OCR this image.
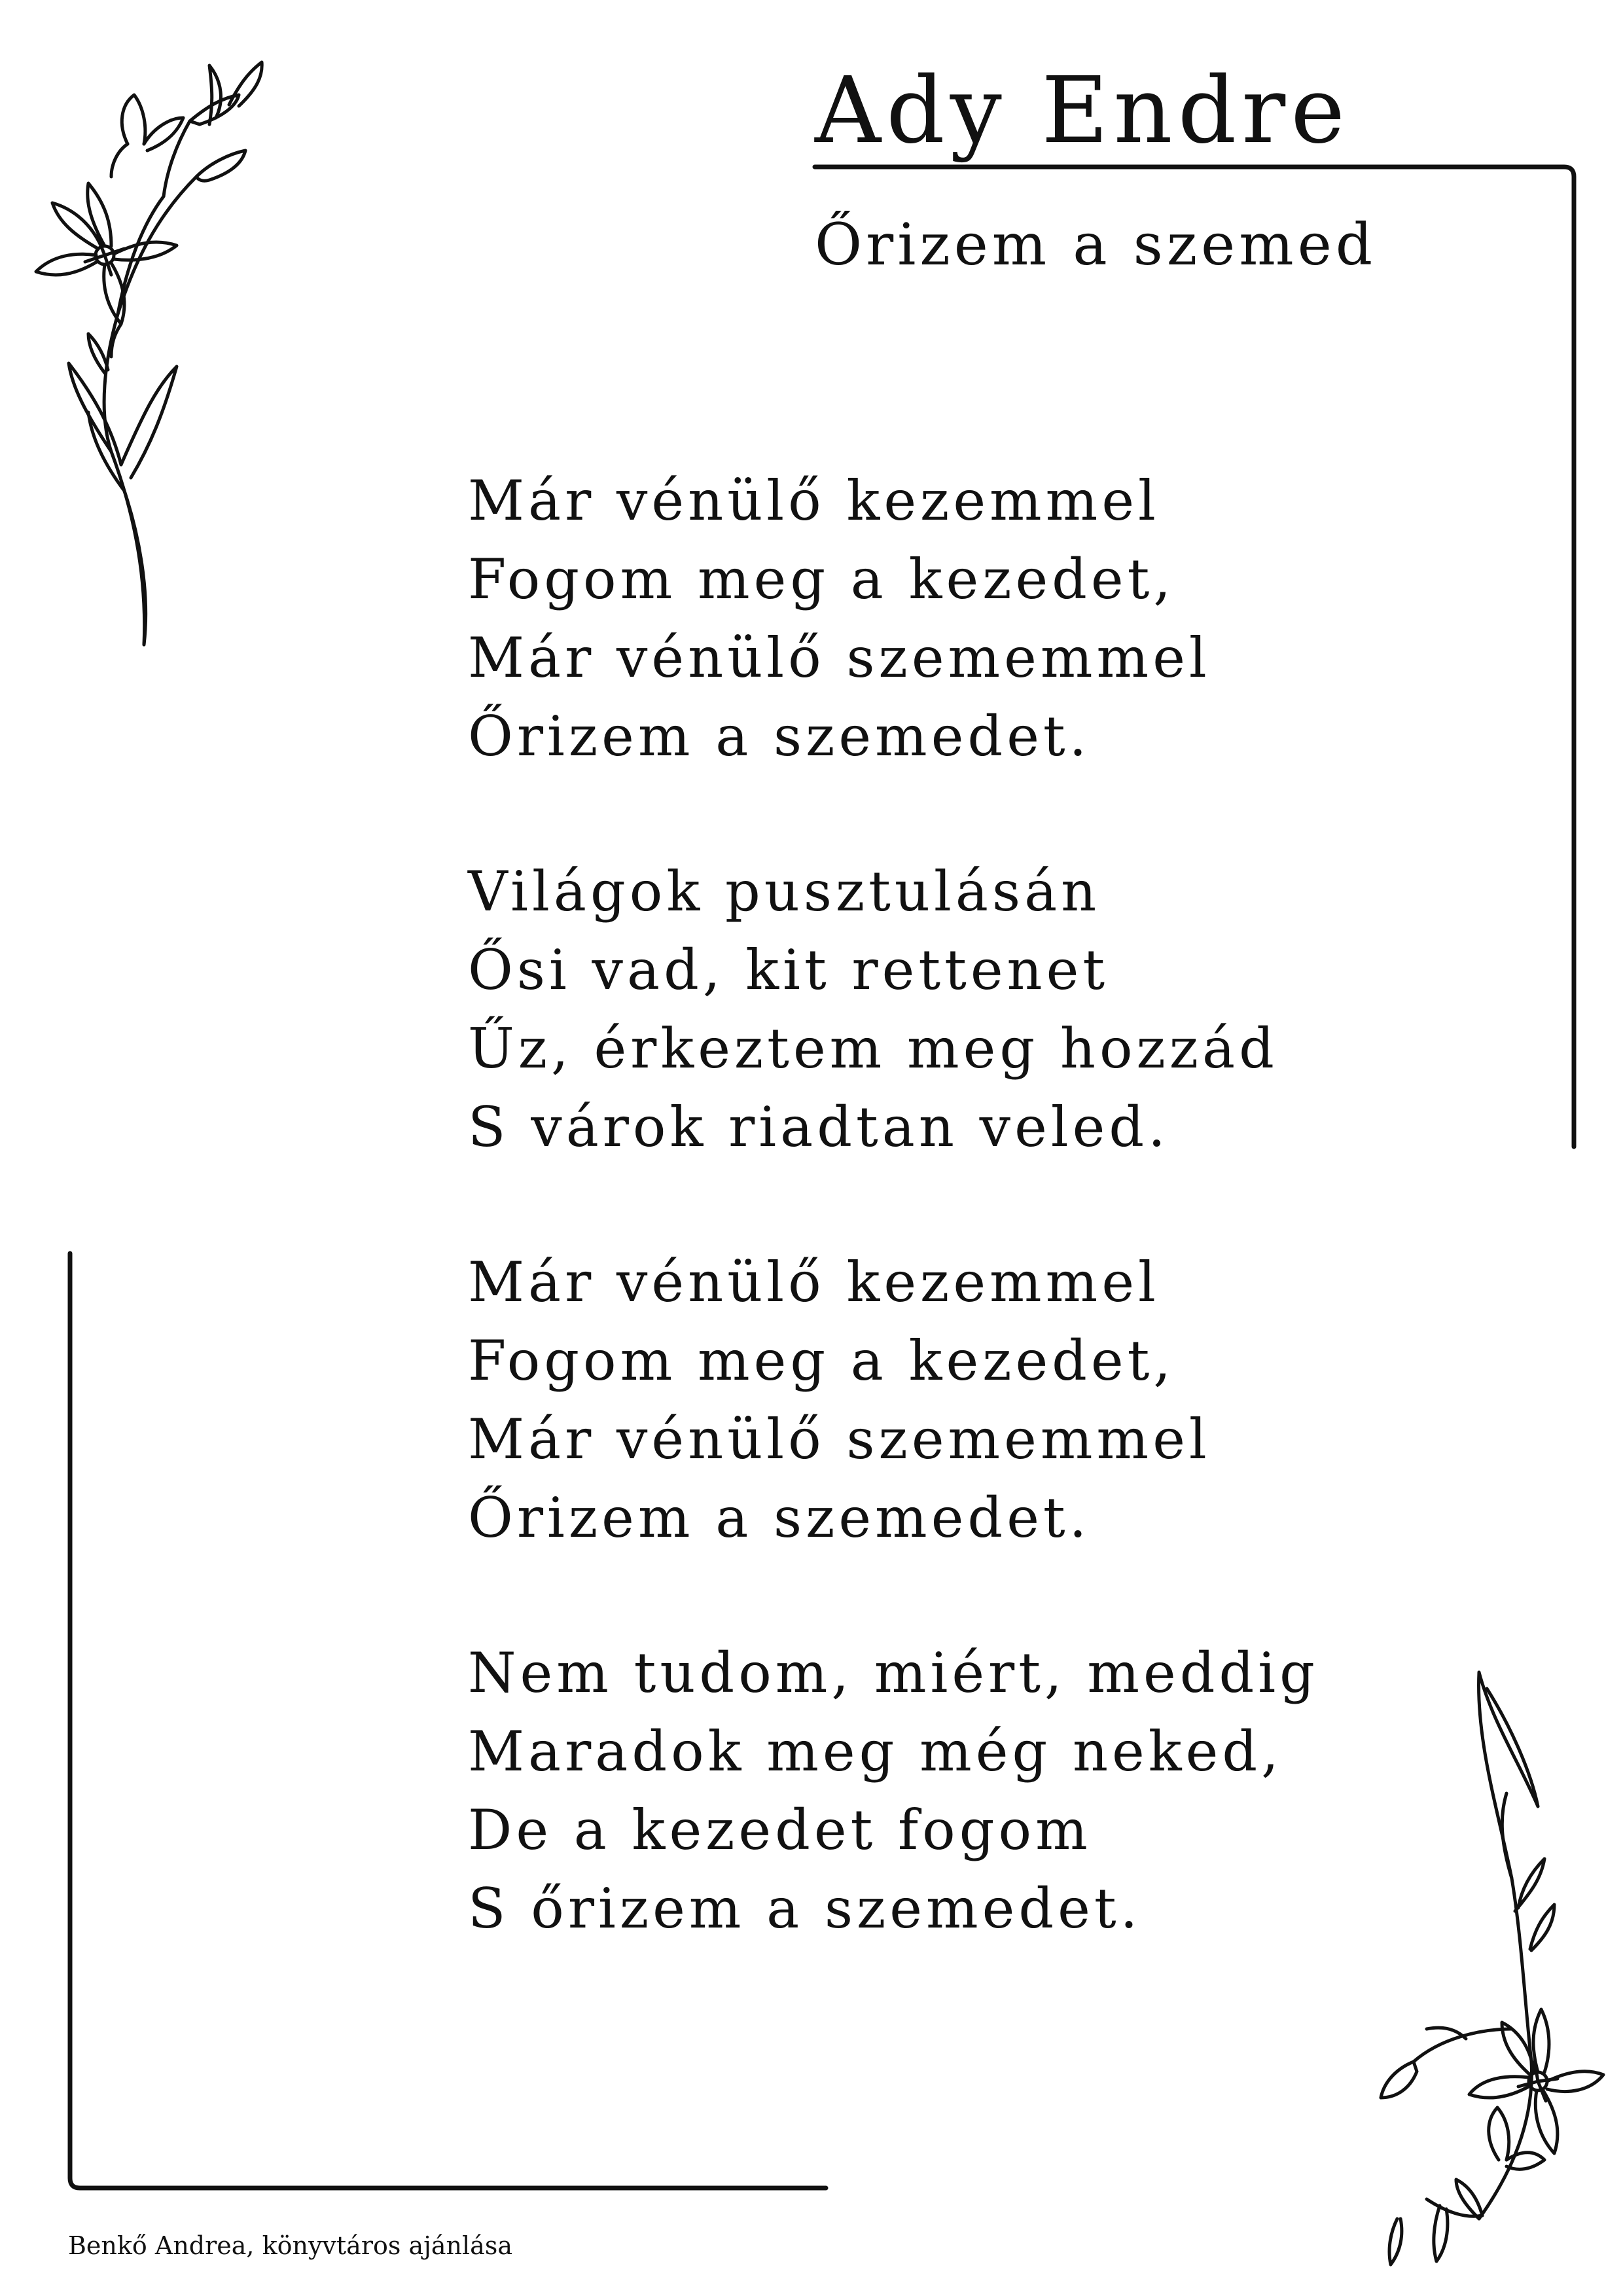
Ady Endre
Őrizem a szemed
Már vénülő kezemmel
Fogom meg a kezedet,
Már vénülő szememmel
Őrizem a szemedet.
Világok pusztulásán
Ősi vad, kit rettenet
Űz, érkeztem meg hozzád
S várok riadtan veled.
Már vénülő kezemmel
Fogom meg a kezedet,
Már vénülő szememmel
Őrizem a szemedet.
Nem tudom, miért, meddig
Maradok meg még neked,
De a kezedet fogom
S őrizem a szemedet.
Benkő Andrea, könyvtáros ajánlása
